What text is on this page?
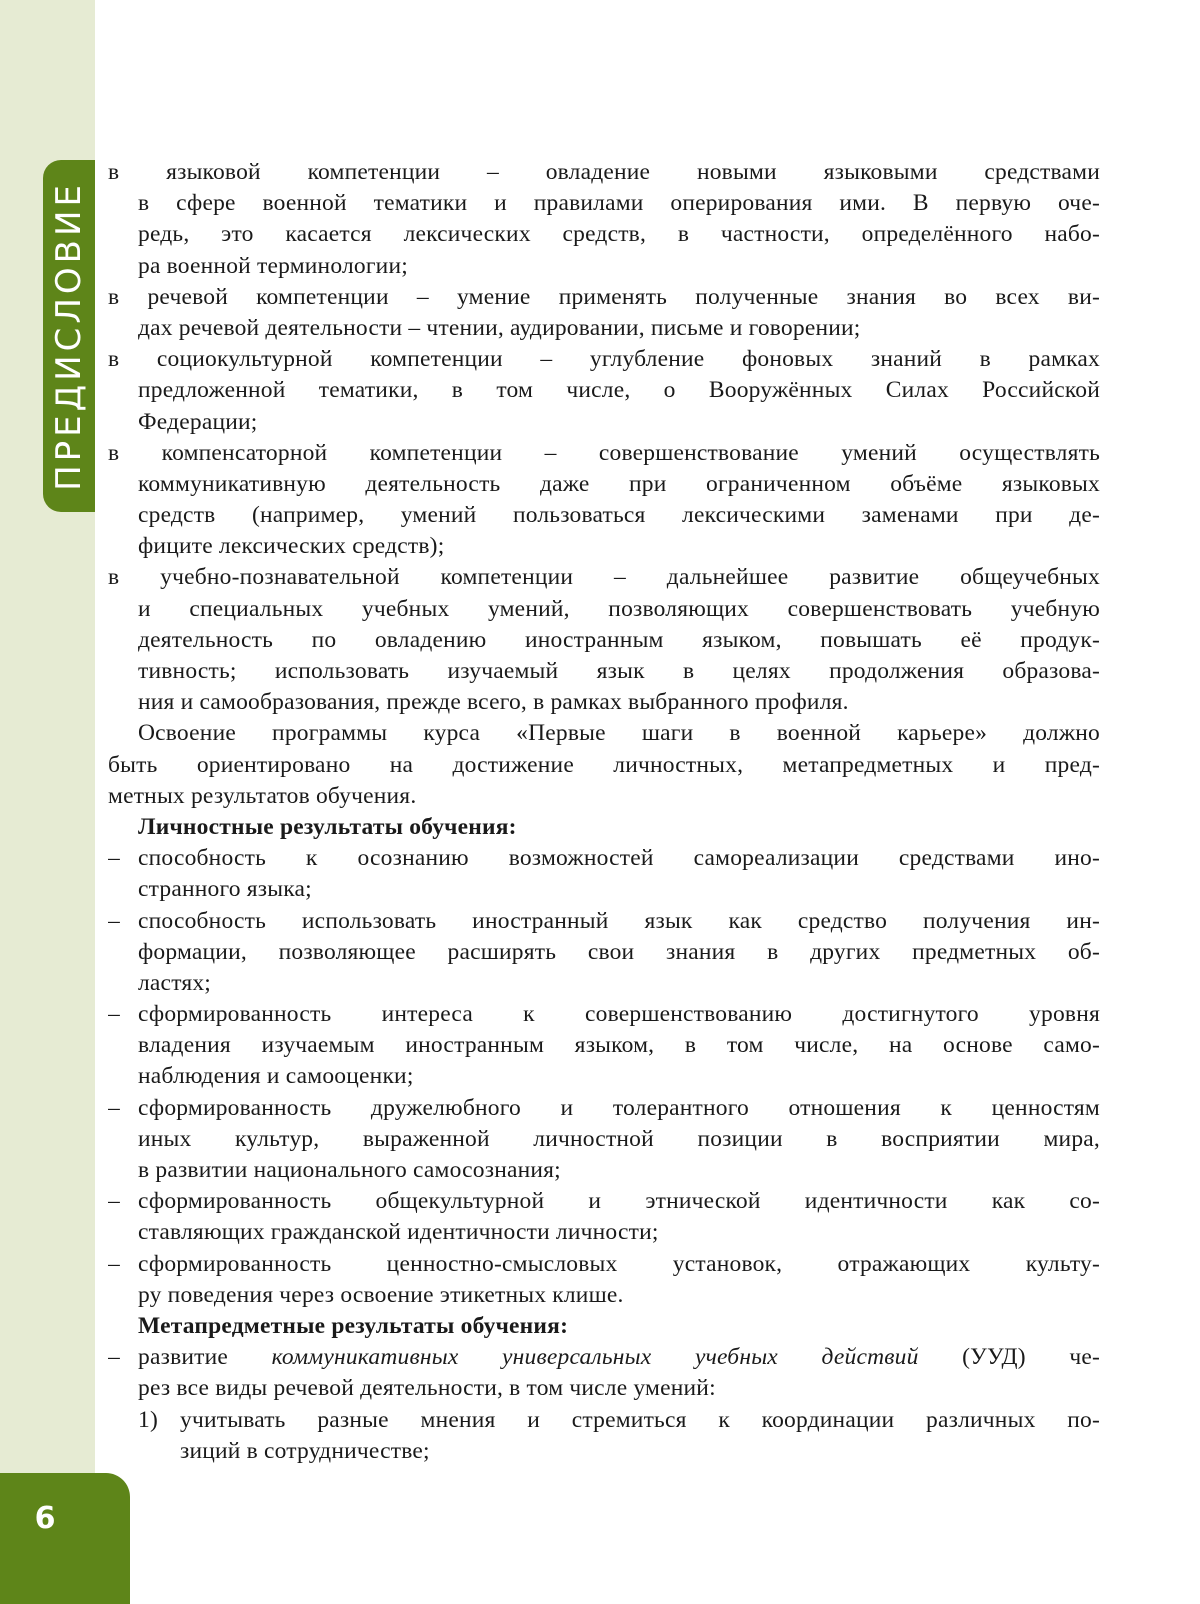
ПРЕДИСЛОВИЕ
6
в языковой компетенции – овладение новыми языковыми средствами
в сфере военной тематики и правилами оперирования ими. В первую оче-
редь, это касается лексических средств, в частности, определённого набо-
ра военной терминологии;
в речевой компетенции – умение применять полученные знания во всех ви-
дах речевой деятельности – чтении, аудировании, письме и говорении;
в социокультурной компетенции – углубление фоновых знаний в рамках
предложенной тематики, в том числе, о Вооружённых Силах Российской
Федерации;
в компенсаторной компетенции – совершенствование умений осуществлять
коммуникативную деятельность даже при ограниченном объёме языковых
средств (например, умений пользоваться лексическими заменами при де-
фиците лексических средств);
в учебно-познавательной компетенции – дальнейшее развитие общеучебных
и специальных учебных умений, позволяющих совершенствовать учебную
деятельность по овладению иностранным языком, повышать её продук-
тивность; использовать изучаемый язык в целях продолжения образова-
ния и самообразования, прежде всего, в рамках выбранного профиля.
Освоение программы курса «Первые шаги в военной карьере» должно
быть ориентировано на достижение личностных, метапредметных и пред-
метных результатов обучения.
Личностные результаты обучения:
– способность к осознанию возможностей самореализации средствами ино-
странного языка;
– способность использовать иностранный язык как средство получения ин-
формации, позволяющее расширять свои знания в других предметных об-
ластях;
– сформированность интереса к совершенствованию достигнутого уровня
владения изучаемым иностранным языком, в том числе, на основе само-
наблюдения и самооценки;
– сформированность дружелюбного и толерантного отношения к ценностям
иных культур, выраженной личностной позиции в восприятии мира,
в развитии национального самосознания;
– сформированность общекультурной и этнической идентичности как со-
ставляющих гражданской идентичности личности;
– сформированность ценностно-смысловых установок, отражающих культу-
ру поведения через освоение этикетных клише.
Метапредметные результаты обучения:
– развитие коммуникативных универсальных учебных действий (УУД) че-
рез все виды речевой деятельности, в том числе умений:
1) учитывать разные мнения и стремиться к координации различных по-
зиций в сотрудничестве;
